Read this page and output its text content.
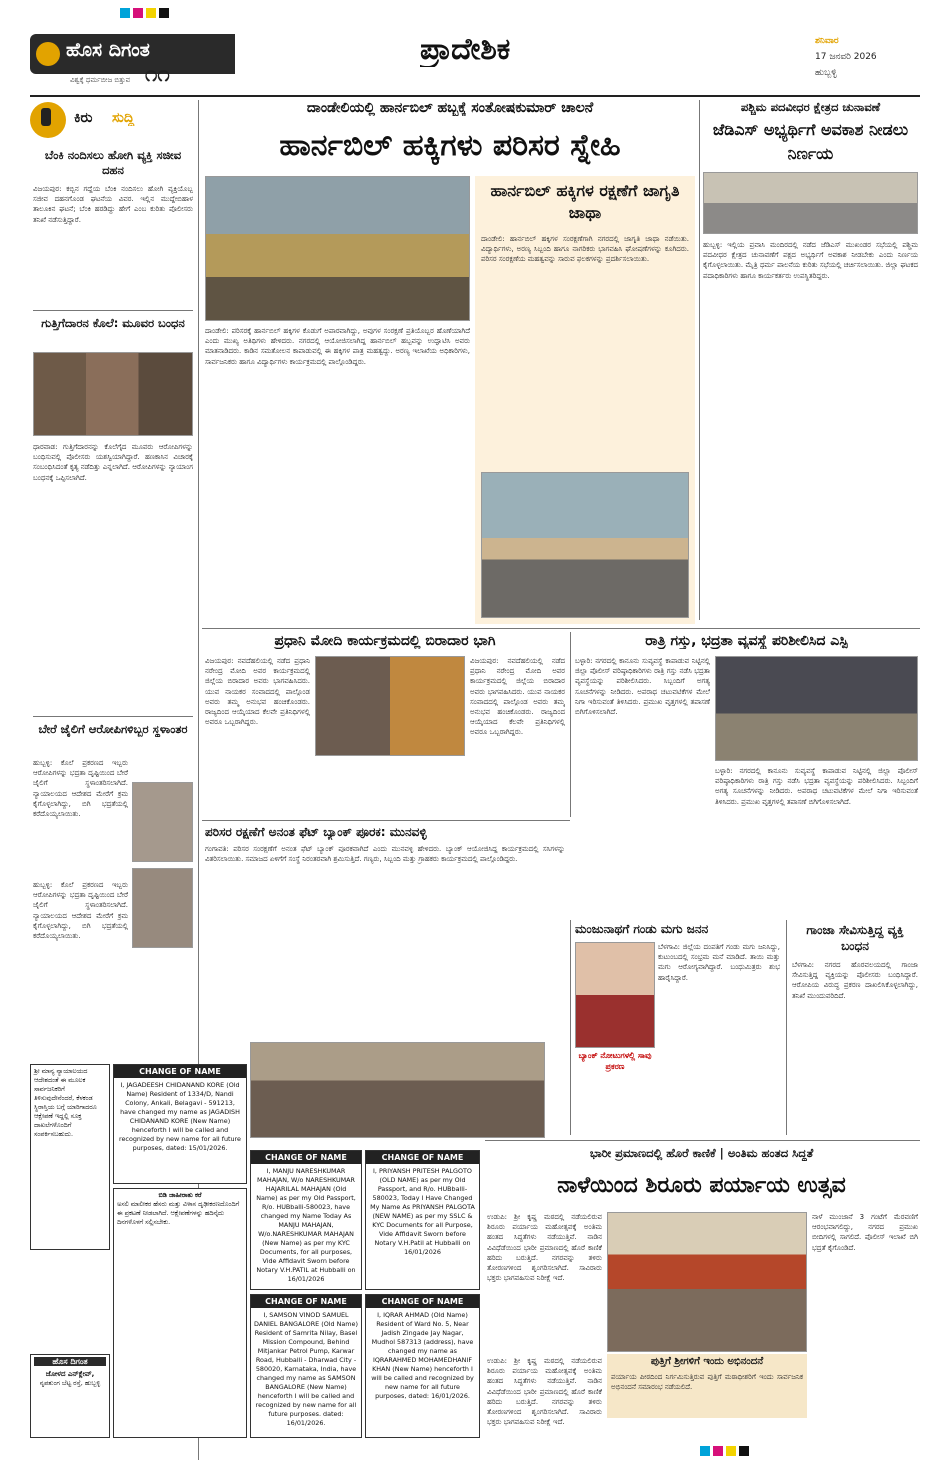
ಹೊಸ ದಿಗಂತ
ವಿಶ್ವಕ್ಕೆ ಧರ್ಮಬೀಜ ಬಿತ್ತುವ ೧೧
ಪ್ರಾದೇಶಿಕ	ಶನಿವಾರ
17 ಜನವರಿ 2026
ಹುಬ್ಬಳ್ಳಿ
ಕಿರು	ಸುದ್ದಿ
ಬೆಂಕಿ ನಂದಿಸಲು ಹೋಗಿ ವ್ಯಕ್ತಿ ಸಜೀವ ದಹನ
ವಿಜಯಪುರ: ಕಬ್ಬಿನ ಗದ್ದೆಯ ಬೆಂಕಿ ನಂದಿಸಲು ಹೋಗಿ ವ್ಯಕ್ತಿಯೊಬ್ಬ ಸಜೀವ ದಹನಗೊಂಡ ಘಟನೆಯ ವಿವರ. ಇಲ್ಲಿನ ಮುದ್ದೇಬಿಹಾಳ ತಾಲೂಕಿನ ಘಟನೆ; ಬೆಂಕಿ ಹರಡಿದ್ದು ಹೇಗೆ ಎಂಬ ಕುರಿತು ಪೊಲೀಸರು ತನಿಖೆ ನಡೆಸುತ್ತಿದ್ದಾರೆ.
ಗುತ್ತಿಗೆದಾರನ ಕೊಲೆ: ಮೂವರ ಬಂಧನ
ಧಾರವಾಡ: ಗುತ್ತಿಗೆದಾರನನ್ನು ಕೊಲೆಗೈದ ಮೂವರು ಆರೋಪಿಗಳನ್ನು ಬಂಧಿಸುವಲ್ಲಿ ಪೊಲೀಸರು ಯಶಸ್ವಿಯಾಗಿದ್ದಾರೆ. ಹಣಕಾಸಿನ ವಿಚಾರಕ್ಕೆ ಸಂಬಂಧಿಸಿದಂತೆ ಕೃತ್ಯ ನಡೆದಿತ್ತು ಎನ್ನಲಾಗಿದೆ. ಆರೋಪಿಗಳನ್ನು ನ್ಯಾಯಾಂಗ ಬಂಧನಕ್ಕೆ ಒಪ್ಪಿಸಲಾಗಿದೆ.
ಬೇರೆ ಜೈಲಿಗೆ ಆರೋಪಿಗಳಿಬ್ಬರ ಸ್ಥಳಾಂತರ
ಹುಬ್ಬಳ್ಳಿ: ಕೊಲೆ ಪ್ರಕರಣದ ಇಬ್ಬರು ಆರೋಪಿಗಳನ್ನು ಭದ್ರತಾ ದೃಷ್ಟಿಯಿಂದ ಬೇರೆ ಜೈಲಿಗೆ ಸ್ಥಳಾಂತರಿಸಲಾಗಿದೆ. ನ್ಯಾಯಾಲಯದ ಆದೇಶದ ಮೇರೆಗೆ ಕ್ರಮ ಕೈಗೊಳ್ಳಲಾಗಿದ್ದು, ಬಿಗಿ ಭದ್ರತೆಯಲ್ಲಿ ಕರೆದೊಯ್ಯಲಾಯಿತು.
ಹುಬ್ಬಳ್ಳಿ: ಕೊಲೆ ಪ್ರಕರಣದ ಇಬ್ಬರು ಆರೋಪಿಗಳನ್ನು ಭದ್ರತಾ ದೃಷ್ಟಿಯಿಂದ ಬೇರೆ ಜೈಲಿಗೆ ಸ್ಥಳಾಂತರಿಸಲಾಗಿದೆ. ನ್ಯಾಯಾಲಯದ ಆದೇಶದ ಮೇರೆಗೆ ಕ್ರಮ ಕೈಗೊಳ್ಳಲಾಗಿದ್ದು, ಬಿಗಿ ಭದ್ರತೆಯಲ್ಲಿ ಕರೆದೊಯ್ಯಲಾಯಿತು.
ದಾಂಡೇಲಿಯಲ್ಲಿ ಹಾರ್ನಬಿಲ್ ಹಬ್ಬಕ್ಕೆ ಸಂತೋಷಕುಮಾರ್ ಚಾಲನೆ
ಹಾರ್ನಬಿಲ್ ಹಕ್ಕಿಗಳು ಪರಿಸರ ಸ್ನೇಹಿ
ದಾಂಡೇಲಿ: ಪರಿಸರಕ್ಕೆ ಹಾರ್ನಬಿಲ್ ಹಕ್ಕಿಗಳ ಕೊಡುಗೆ ಅಪಾರವಾಗಿದ್ದು, ಅವುಗಳ ಸಂರಕ್ಷಣೆ ಪ್ರತಿಯೊಬ್ಬರ ಹೊಣೆಯಾಗಿದೆ ಎಂದು ಮುಖ್ಯ ಅತಿಥಿಗಳು ಹೇಳಿದರು. ನಗರದಲ್ಲಿ ಆಯೋಜಿಸಲಾಗಿದ್ದ ಹಾರ್ನಬಿಲ್ ಹಬ್ಬವನ್ನು ಉದ್ಘಾಟಿಸಿ ಅವರು ಮಾತನಾಡಿದರು. ಕಾಡಿನ ಸಮತೋಲನ ಕಾಪಾಡುವಲ್ಲಿ ಈ ಹಕ್ಕಿಗಳ ಪಾತ್ರ ಮಹತ್ವದ್ದು. ಅರಣ್ಯ ಇಲಾಖೆಯ ಅಧಿಕಾರಿಗಳು, ಸಾರ್ವಜನಿಕರು ಹಾಗೂ ವಿದ್ಯಾರ್ಥಿಗಳು ಕಾರ್ಯಕ್ರಮದಲ್ಲಿ ಪಾಲ್ಗೊಂಡಿದ್ದರು.
ಹಾರ್ನಬಿಲ್ ಹಕ್ಕಿಗಳ ರಕ್ಷಣೆಗೆ ಜಾಗೃತಿ ಜಾಥಾ
ದಾಂಡೇಲಿ: ಹಾರ್ನಬಿಲ್ ಹಕ್ಕಿಗಳ ಸಂರಕ್ಷಣೆಗಾಗಿ ನಗರದಲ್ಲಿ ಜಾಗೃತಿ ಜಾಥಾ ನಡೆಯಿತು. ವಿದ್ಯಾರ್ಥಿಗಳು, ಅರಣ್ಯ ಸಿಬ್ಬಂದಿ ಹಾಗೂ ನಾಗರಿಕರು ಭಾಗವಹಿಸಿ ಘೋಷಣೆಗಳನ್ನು ಕೂಗಿದರು. ಪರಿಸರ ಸಂರಕ್ಷಣೆಯ ಮಹತ್ವವನ್ನು ಸಾರುವ ಫಲಕಗಳನ್ನು ಪ್ರದರ್ಶಿಸಲಾಯಿತು.
ಪಶ್ಚಿಮ ಪದವೀಧರ ಕ್ಷೇತ್ರದ ಚುನಾವಣೆ
ಜೆಡಿಎಸ್ ಅಭ್ಯರ್ಥಿಗೆ ಅವಕಾಶ ನೀಡಲು ನಿರ್ಣಯ
ಹುಬ್ಬಳ್ಳಿ: ಇಲ್ಲಿಯ ಪ್ರವಾಸಿ ಮಂದಿರದಲ್ಲಿ ನಡೆದ ಜೆಡಿಎಸ್ ಮುಖಂಡರ ಸಭೆಯಲ್ಲಿ ಪಶ್ಚಿಮ ಪದವೀಧರ ಕ್ಷೇತ್ರದ ಚುನಾವಣೆಗೆ ಪಕ್ಷದ ಅಭ್ಯರ್ಥಿಗೆ ಅವಕಾಶ ನೀಡಬೇಕು ಎಂದು ನಿರ್ಣಯ ಕೈಗೊಳ್ಳಲಾಯಿತು. ಮೈತ್ರಿ ಧರ್ಮ ಪಾಲನೆಯ ಕುರಿತು ಸಭೆಯಲ್ಲಿ ಚರ್ಚಿಸಲಾಯಿತು. ಜಿಲ್ಲಾ ಘಟಕದ ಪದಾಧಿಕಾರಿಗಳು ಹಾಗೂ ಕಾರ್ಯಕರ್ತರು ಉಪಸ್ಥಿತರಿದ್ದರು.
ಪ್ರಧಾನಿ ಮೋದಿ ಕಾರ್ಯಕ್ರಮದಲ್ಲಿ ಬಿರಾದಾರ ಭಾಗಿ
ವಿಜಯಪುರ: ನವದೆಹಲಿಯಲ್ಲಿ ನಡೆದ ಪ್ರಧಾನಿ ನರೇಂದ್ರ ಮೋದಿ ಅವರ ಕಾರ್ಯಕ್ರಮದಲ್ಲಿ ಜಿಲ್ಲೆಯ ಬಿರಾದಾರ ಅವರು ಭಾಗವಹಿಸಿದರು. ಯುವ ನಾಯಕರ ಸಂವಾದದಲ್ಲಿ ಪಾಲ್ಗೊಂಡ ಅವರು ತಮ್ಮ ಅನುಭವ ಹಂಚಿಕೊಂಡರು. ರಾಜ್ಯದಿಂದ ಆಯ್ಕೆಯಾದ ಕೆಲವೇ ಪ್ರತಿನಿಧಿಗಳಲ್ಲಿ ಅವರೂ ಒಬ್ಬರಾಗಿದ್ದರು.
ವಿಜಯಪುರ: ನವದೆಹಲಿಯಲ್ಲಿ ನಡೆದ ಪ್ರಧಾನಿ ನರೇಂದ್ರ ಮೋದಿ ಅವರ ಕಾರ್ಯಕ್ರಮದಲ್ಲಿ ಜಿಲ್ಲೆಯ ಬಿರಾದಾರ ಅವರು ಭಾಗವಹಿಸಿದರು. ಯುವ ನಾಯಕರ ಸಂವಾದದಲ್ಲಿ ಪಾಲ್ಗೊಂಡ ಅವರು ತಮ್ಮ ಅನುಭವ ಹಂಚಿಕೊಂಡರು. ರಾಜ್ಯದಿಂದ ಆಯ್ಕೆಯಾದ ಕೆಲವೇ ಪ್ರತಿನಿಧಿಗಳಲ್ಲಿ ಅವರೂ ಒಬ್ಬರಾಗಿದ್ದರು.
ರಾತ್ರಿ ಗಸ್ತು, ಭದ್ರತಾ ವ್ಯವಸ್ಥೆ ಪರಿಶೀಲಿಸಿದ ಎಸ್ಪಿ
ಬಳ್ಳಾರಿ: ನಗರದಲ್ಲಿ ಕಾನೂನು ಸುವ್ಯವಸ್ಥೆ ಕಾಪಾಡುವ ನಿಟ್ಟಿನಲ್ಲಿ ಜಿಲ್ಲಾ ಪೊಲೀಸ್ ವರಿಷ್ಠಾಧಿಕಾರಿಗಳು ರಾತ್ರಿ ಗಸ್ತು ನಡೆಸಿ ಭದ್ರತಾ ವ್ಯವಸ್ಥೆಯನ್ನು ಪರಿಶೀಲಿಸಿದರು. ಸಿಬ್ಬಂದಿಗೆ ಅಗತ್ಯ ಸೂಚನೆಗಳನ್ನು ನೀಡಿದರು. ಅಪರಾಧ ಚಟುವಟಿಕೆಗಳ ಮೇಲೆ ನಿಗಾ ಇರಿಸುವಂತೆ ತಿಳಿಸಿದರು. ಪ್ರಮುಖ ವೃತ್ತಗಳಲ್ಲಿ ತಪಾಸಣೆ ಬಿಗಿಗೊಳಿಸಲಾಗಿದೆ.
ಬಳ್ಳಾರಿ: ನಗರದಲ್ಲಿ ಕಾನೂನು ಸುವ್ಯವಸ್ಥೆ ಕಾಪಾಡುವ ನಿಟ್ಟಿನಲ್ಲಿ ಜಿಲ್ಲಾ ಪೊಲೀಸ್ ವರಿಷ್ಠಾಧಿಕಾರಿಗಳು ರಾತ್ರಿ ಗಸ್ತು ನಡೆಸಿ ಭದ್ರತಾ ವ್ಯವಸ್ಥೆಯನ್ನು ಪರಿಶೀಲಿಸಿದರು. ಸಿಬ್ಬಂದಿಗೆ ಅಗತ್ಯ ಸೂಚನೆಗಳನ್ನು ನೀಡಿದರು. ಅಪರಾಧ ಚಟುವಟಿಕೆಗಳ ಮೇಲೆ ನಿಗಾ ಇರಿಸುವಂತೆ ತಿಳಿಸಿದರು. ಪ್ರಮುಖ ವೃತ್ತಗಳಲ್ಲಿ ತಪಾಸಣೆ ಬಿಗಿಗೊಳಿಸಲಾಗಿದೆ.
ಪರಿಸರ ರಕ್ಷಣೆಗೆ ಅನಂತ ಫೆಟ್ ಬ್ಯಾಂಕ್ ಪೂರಕ: ಮುನವಳ್ಳಿ
ಗಂಗಾವತಿ: ಪರಿಸರ ಸಂರಕ್ಷಣೆಗೆ ಅನಂತ ಫೆಟ್ ಬ್ಯಾಂಕ್ ಪೂರಕವಾಗಿದೆ ಎಂದು ಮುನವಳ್ಳಿ ಹೇಳಿದರು. ಬ್ಯಾಂಕ್ ಆಯೋಜಿಸಿದ್ದ ಕಾರ್ಯಕ್ರಮದಲ್ಲಿ ಸಸಿಗಳನ್ನು ವಿತರಿಸಲಾಯಿತು. ಸಮಾಜದ ಏಳಿಗೆಗೆ ಸಂಸ್ಥೆ ನಿರಂತರವಾಗಿ ಶ್ರಮಿಸುತ್ತಿದೆ. ಗಣ್ಯರು, ಸಿಬ್ಬಂದಿ ಮತ್ತು ಗ್ರಾಹಕರು ಕಾರ್ಯಕ್ರಮದಲ್ಲಿ ಪಾಲ್ಗೊಂಡಿದ್ದರು.
ಮಂಜುನಾಥಗೆ ಗಂಡು ಮಗು ಜನನ
ಬ್ಯಾಂಕ್ ನೋಟುಗಳಲ್ಲಿ ಸಾವು ಪ್ರಕರಣ
ಬೆಳಗಾವಿ: ಜಿಲ್ಲೆಯ ದಂಪತಿಗೆ ಗಂಡು ಮಗು ಜನಿಸಿದ್ದು, ಕುಟುಂಬದಲ್ಲಿ ಸಂಭ್ರಮ ಮನೆ ಮಾಡಿದೆ. ತಾಯಿ ಮತ್ತು ಮಗು ಆರೋಗ್ಯವಾಗಿದ್ದಾರೆ. ಬಂಧುಮಿತ್ರರು ಶುಭ ಹಾರೈಸಿದ್ದಾರೆ.
ಗಾಂಜಾ ಸೇವಿಸುತ್ತಿದ್ದ ವ್ಯಕ್ತಿ ಬಂಧನ
ಬೆಳಗಾವಿ: ನಗರದ ಹೊರವಲಯದಲ್ಲಿ ಗಾಂಜಾ ಸೇವಿಸುತ್ತಿದ್ದ ವ್ಯಕ್ತಿಯನ್ನು ಪೊಲೀಸರು ಬಂಧಿಸಿದ್ದಾರೆ. ಆರೋಪಿಯ ವಿರುದ್ಧ ಪ್ರಕರಣ ದಾಖಲಿಸಿಕೊಳ್ಳಲಾಗಿದ್ದು, ತನಿಖೆ ಮುಂದುವರಿದಿದೆ.
ಭಾರೀ ಪ್ರಮಾಣದಲ್ಲಿ ಹೊರೆ ಕಾಣಿಕೆ | ಅಂತಿಮ ಹಂತದ ಸಿದ್ಧತೆ
ನಾಳೆಯಿಂದ ಶಿರೂರು ಪರ್ಯಾಯ ಉತ್ಸವ
ಉಡುಪಿ: ಶ್ರೀ ಕೃಷ್ಣ ಮಠದಲ್ಲಿ ನಡೆಯಲಿರುವ ಶಿರೂರು ಪರ್ಯಾಯ ಮಹೋತ್ಸವಕ್ಕೆ ಅಂತಿಮ ಹಂತದ ಸಿದ್ಧತೆಗಳು ನಡೆಯುತ್ತಿವೆ. ನಾಡಿನ ವಿವಿಧೆಡೆಯಿಂದ ಭಾರೀ ಪ್ರಮಾಣದಲ್ಲಿ ಹೊರೆ ಕಾಣಿಕೆ ಹರಿದು ಬರುತ್ತಿದೆ. ನಗರವನ್ನು ತಳಿರು ತೋರಣಗಳಿಂದ ಶೃಂಗರಿಸಲಾಗಿದೆ. ಸಾವಿರಾರು ಭಕ್ತರು ಭಾಗವಹಿಸುವ ನಿರೀಕ್ಷೆ ಇದೆ.
ನಾಳೆ ಮುಂಜಾನೆ 3 ಗಂಟೆಗೆ ಮೆರವಣಿಗೆ ಆರಂಭವಾಗಲಿದ್ದು, ನಗರದ ಪ್ರಮುಖ ಬೀದಿಗಳಲ್ಲಿ ಸಾಗಲಿದೆ. ಪೊಲೀಸ್ ಇಲಾಖೆ ಬಿಗಿ ಭದ್ರತೆ ಕೈಗೊಂಡಿದೆ.
ಪುತ್ತಿಗೆ ಶ್ರೀಗಳಿಗೆ ಇಂದು ಅಭಿನಂದನೆ
ಪರ್ಯಾಯ ಪೀಠದಿಂದ ನಿರ್ಗಮಿಸುತ್ತಿರುವ ಪುತ್ತಿಗೆ ಮಠಾಧೀಶರಿಗೆ ಇಂದು ಸಾರ್ವಜನಿಕ ಅಭಿನಂದನೆ ಸಮಾರಂಭ ನಡೆಯಲಿದೆ.
ಉಡುಪಿ: ಶ್ರೀ ಕೃಷ್ಣ ಮಠದಲ್ಲಿ ನಡೆಯಲಿರುವ ಶಿರೂರು ಪರ್ಯಾಯ ಮಹೋತ್ಸವಕ್ಕೆ ಅಂತಿಮ ಹಂತದ ಸಿದ್ಧತೆಗಳು ನಡೆಯುತ್ತಿವೆ. ನಾಡಿನ ವಿವಿಧೆಡೆಯಿಂದ ಭಾರೀ ಪ್ರಮಾಣದಲ್ಲಿ ಹೊರೆ ಕಾಣಿಕೆ ಹರಿದು ಬರುತ್ತಿದೆ. ನಗರವನ್ನು ತಳಿರು ತೋರಣಗಳಿಂದ ಶೃಂಗರಿಸಲಾಗಿದೆ. ಸಾವಿರಾರು ಭಕ್ತರು ಭಾಗವಹಿಸುವ ನಿರೀಕ್ಷೆ ಇದೆ.
ಶ್ರೀ ಮಾನ್ಯ ನ್ಯಾಯಾಲಯದ ಆದೇಶದಂತೆ ಈ ಮೂಲಕ ಸಾರ್ವಜನಿಕರಿಗೆ ತಿಳಿಸುವುದೇನೆಂದರೆ, ಕೆಳಕಂಡ ಸ್ಥಿರಾಸ್ತಿಯ ಬಗ್ಗೆ ಯಾರಿಗಾದರೂ ಆಕ್ಷೇಪಣೆ ಇದ್ದಲ್ಲಿ ಸೂಕ್ತ ದಾಖಲೆಗಳೊಂದಿಗೆ ಸಂಪರ್ಕಿಸಬಹುದು.
CHANGE OF NAME
I, JAGADEESH CHIDANAND KORE (Old Name) Resident of 1334/D, Nandi Colony, Ankali, Belagavi - 591213, have changed my name as JAGADISH CHIDANAND KORE (New Name) henceforth I will be called and recognized by new name for all future purposes, dated: 15/01/2026.
ಬಿಡಿ ಜಾಹೀರಾತು ಕರೆ
ಅಸಲಿ ಮಾಲೀಕರ ಹೆಸರು ಮತ್ತು ವಿಳಾಸ ದೃಢೀಕರಣದೊಂದಿಗೆ ಈ ಪ್ರಕಟಣೆ ನೀಡಲಾಗಿದೆ. ಆಕ್ಷೇಪಣೆಗಳನ್ನು ಹದಿನೈದು ದಿನಗಳೊಳಗೆ ಸಲ್ಲಿಸಬೇಕು.
ಹೊಸ ದಿಗಂತ
ಜೋಳದ ಎನ್‌ಕ್ಲೇವ್,
ನೃಪತುಂಗ ಬೆಟ್ಟ ರಸ್ತೆ, ಹುಬ್ಬಳ್ಳಿ
CHANGE OF NAME
I, MANJU NARESHKUMAR MAHAJAN, W/o NARESHKUMAR HAJARILAL MAHAJAN (Old Name) as per my Old Passport, R/o. HUBballi-580023, have changed my Name Today As MANJU MAHAJAN, W/o.NARESHKUMAR MAHAJAN (New Name) as per my KYC Documents, for all purposes, Vide Affidavit Sworn before Notary V.H.PATIL at Hubballi on 16/01/2026
CHANGE OF NAME
I, PRIYANSH PRITESH PALGOTO (OLD NAME) as per my Old Passport, and R/o. HUBballi-580023, Today I Have Changed My Name As PRIYANSH PALGOTA (NEW NAME) as per my SSLC & KYC Documents for all Purpose, Vide Affidavit Sworn before Notary V.H.Patil at Hubballi on 16/01/2026
CHANGE OF NAME
I, SAMSON VINOD SAMUEL DANIEL BANGALORE (Old Name) Resident of Samrita Nilay, Basel Mission Compound, Behind Mitjankar Petrol Pump, Karwar Road, Hubballi - Dharwad City - 580020, Karnataka, India, have changed my name as SAMSON BANGALORE (New Name) henceforth I will be called and recognized by new name for all future purposes. dated: 16/01/2026.
CHANGE OF NAME
I, IQRAR AHMAD (Old Name) Resident of Ward No. 5, Near Jadish Zingade Jay Nagar, Mudhol 587313 (address), have changed my name as IQRARAHMED MOHAMEDHANIF KHAN (New Name) henceforth I will be called and recognized by new name for all future purposes, dated: 16/01/2026.
